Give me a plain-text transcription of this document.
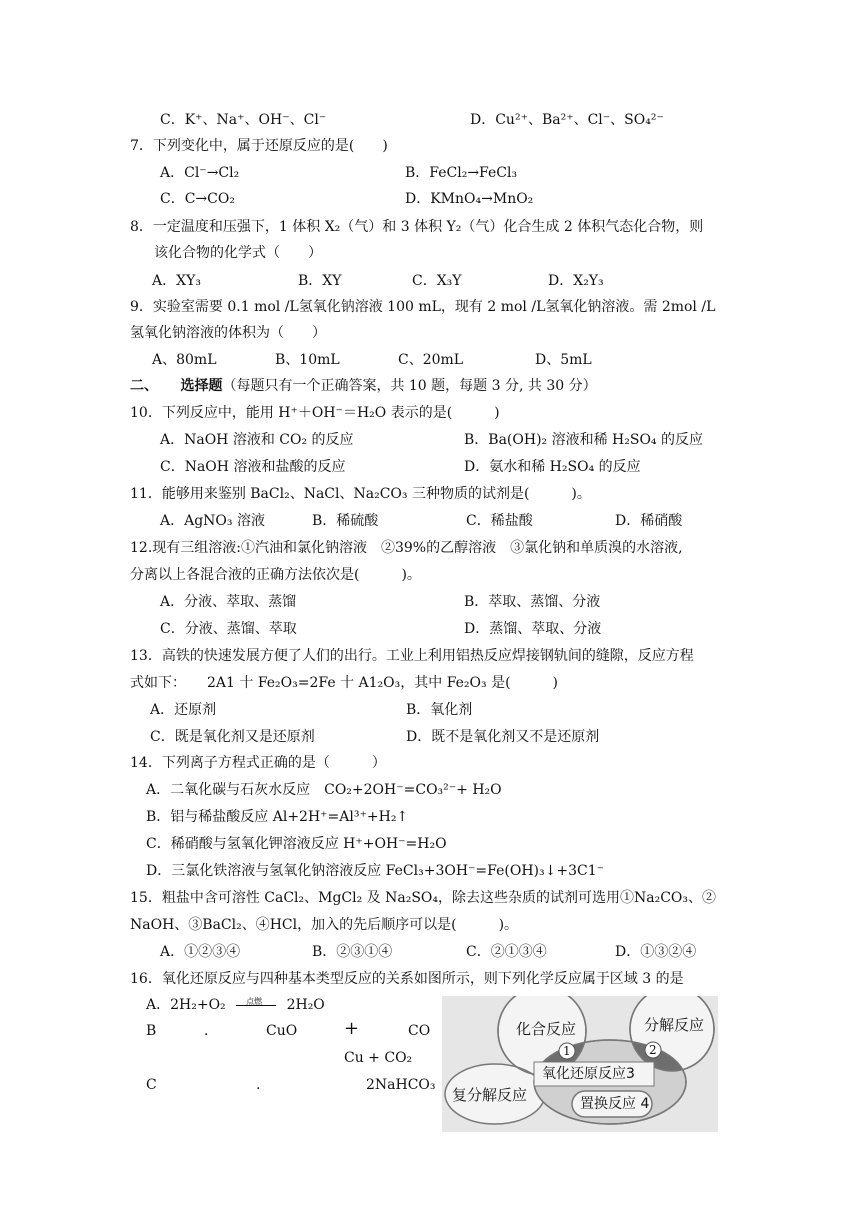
C．K⁺、Na⁺、OH⁻、Cl⁻	D．Cu²⁺、Ba²⁺、Cl⁻、SO₄²⁻
7．下列变化中，属于还原反应的是(　　)
A．Cl⁻→Cl₂	B．FeCl₂→FeCl₃
C．C→CO₂	D．KMnO₄→MnO₂
8．一定温度和压强下，1 体积 X₂（气）和 3 体积 Y₂（气）化合生成 2 体积气态化合物，则
该化合物的化学式（　　）
A．XY₃	B．XY	C．X₃Y	D．X₂Y₃
9．实验室需要 0.1 mol /L氢氧化钠溶液 100 mL，现有 2 mol /L氢氧化钠溶液。需 2mol /L
氢氧化钠溶液的体积为（　　）
A、80mL	B、10mL	C、20mL	D、5mL
二、 选择题（每题只有一个正确答案，共 10 题，每题 3 分, 共 30 分）
10．下列反应中，能用 H⁺＋OH⁻＝H₂O 表示的是(　　　)
A．NaOH 溶液和 CO₂ 的反应	B．Ba(OH)₂ 溶液和稀 H₂SO₄ 的反应
C．NaOH 溶液和盐酸的反应	D．氨水和稀 H₂SO₄ 的反应
11．能够用来鉴别 BaCl₂、NaCl、Na₂CO₃ 三种物质的试剂是(　　　)。
A．AgNO₃ 溶液	B．稀硫酸	C．稀盐酸	D．稀硝酸
12.现有三组溶液:①汽油和氯化钠溶液　②39%的乙醇溶液　③氯化钠和单质溴的水溶液,
分离以上各混合液的正确方法依次是(　　　)。
A．分液、萃取、蒸馏	B．萃取、蒸馏、分液
C．分液、蒸馏、萃取	D．蒸馏、萃取、分液
13．高铁的快速发展方便了人们的出行。工业上利用铝热反应焊接钢轨间的缝隙，反应方程
式如下：　　2A1 十 Fe₂O₃=2Fe 十 A1₂O₃，其中 Fe₂O₃ 是(　　　)
A．还原剂	B．氧化剂
C．既是氧化剂又是还原剂	D．既不是氧化剂又不是还原剂
14．下列离子方程式正确的是（　　　）
A．二氧化碳与石灰水反应　CO₂+2OH⁻=CO₃²⁻+ H₂O
B．铝与稀盐酸反应 Al+2H⁺=Al³⁺+H₂↑
C．稀硝酸与氢氧化钾溶液反应 H⁺+OH⁻=H₂O
D．三氯化铁溶液与氢氧化钠溶液反应 FeCl₃+3OH⁻=Fe(OH)₃↓+3C1⁻
15．粗盐中含可溶性 CaCl₂、MgCl₂ 及 Na₂SO₄，除去这些杂质的试剂可选用①Na₂CO₃、②
NaOH、③BaCl₂、④HCl，加入的先后顺序可以是(　　　)。
A．①②③④	B．②③①④	C．②①③④	D．①③②④
16．氧化还原反应与四种基本类型反应的关系如图所示，则下列化学反应属于区域 3 的是
A．2H₂+O₂	点燃 2H₂O
B	.	CuO	+	CO
Cu + CO₂
C	.	2NaHCO₃
化合反应	分解反应
复分解反应
氧化还原反应3
置换反应 4
1	2
